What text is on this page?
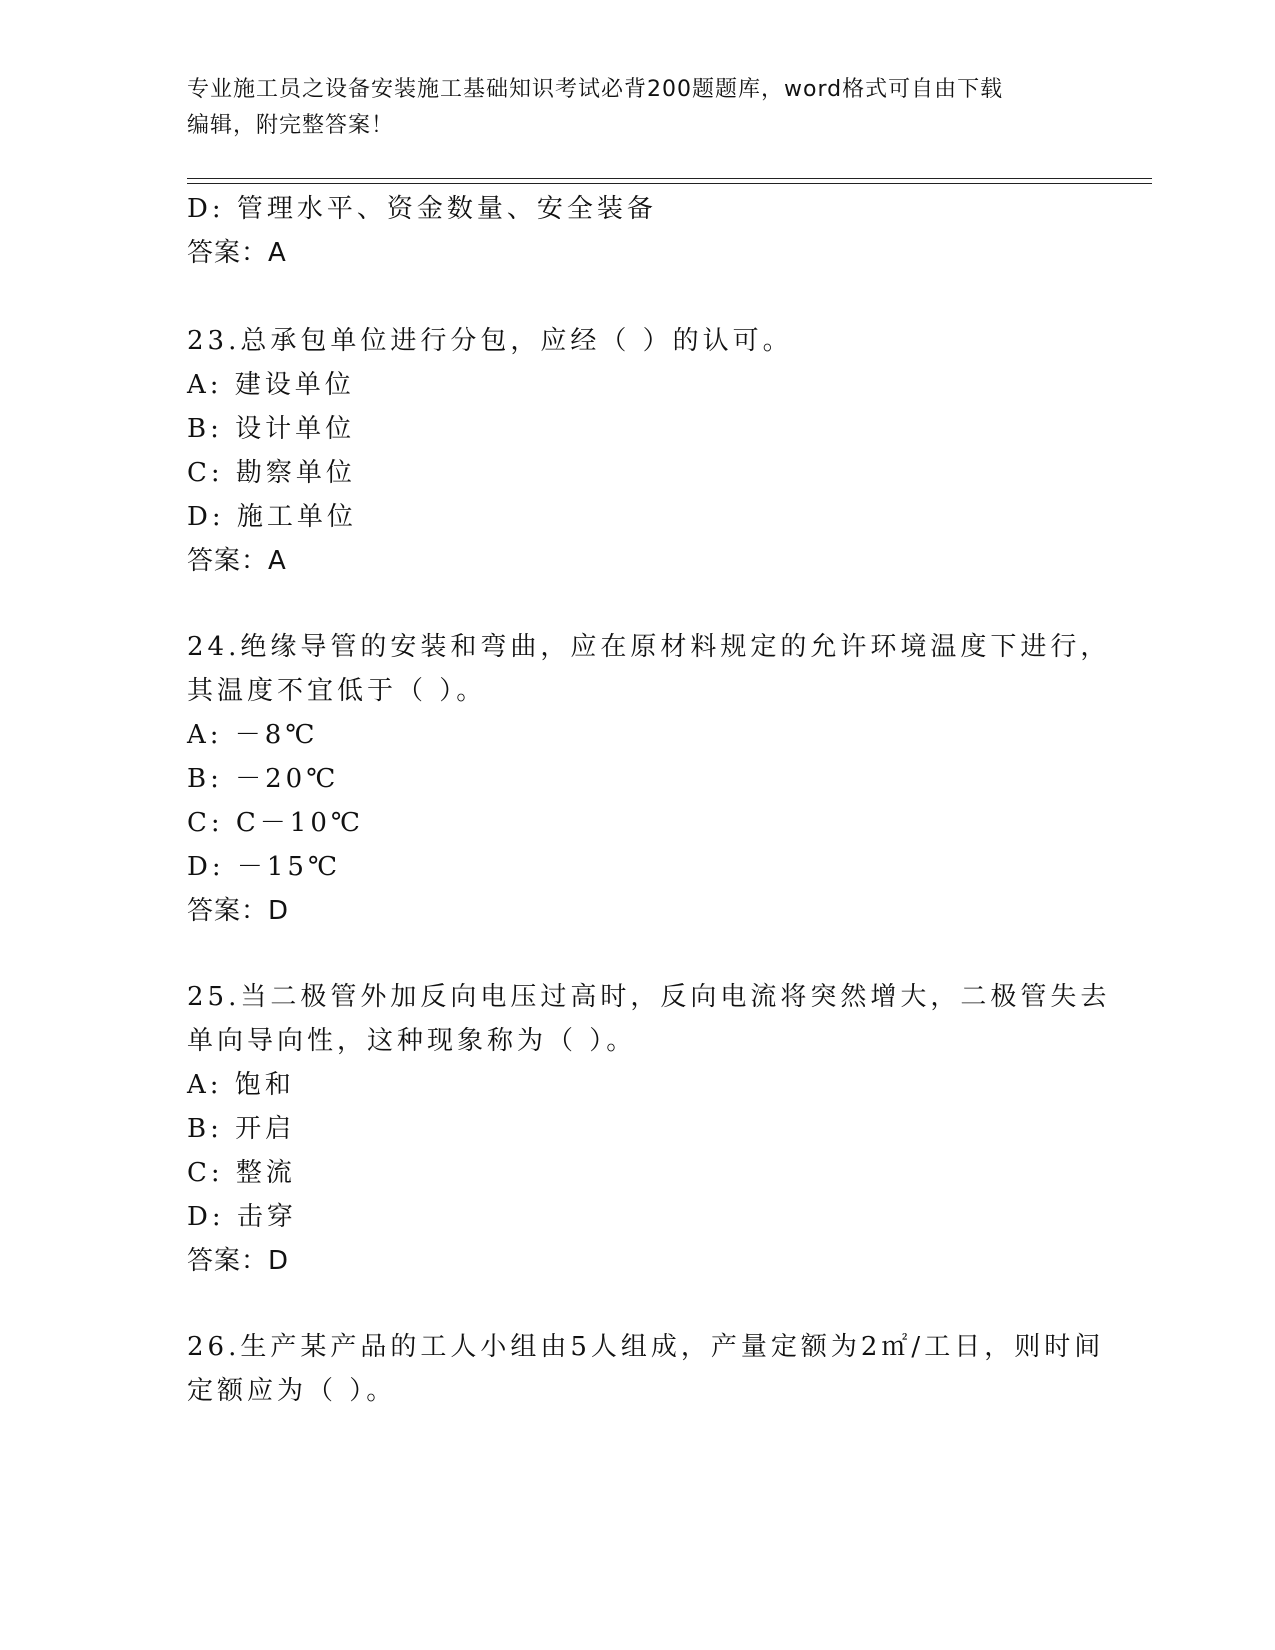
专业施工员之设备安装施工基础知识考试必背200题题库，word格式可自由下载
编辑，附完整答案！
D: 管理水平、资金数量、安全装备
答案：A
23.总承包单位进行分包，应经（ ）的认可。
A: 建设单位
B: 设计单位
C: 勘察单位
D: 施工单位
答案：A
24.绝缘导管的安装和弯曲，应在原材料规定的允许环境温度下进行，
其温度不宜低于（ ）。
A: －8℃
B: －20℃
C: C－10℃
D: －15℃
答案：D
25.当二极管外加反向电压过高时，反向电流将突然增大，二极管失去
单向导向性，这种现象称为（ ）。
A: 饱和
B: 开启
C: 整流
D: 击穿
答案：D
26.生产某产品的工人小组由5人组成，产量定额为2㎡/工日，则时间
定额应为（ ）。
